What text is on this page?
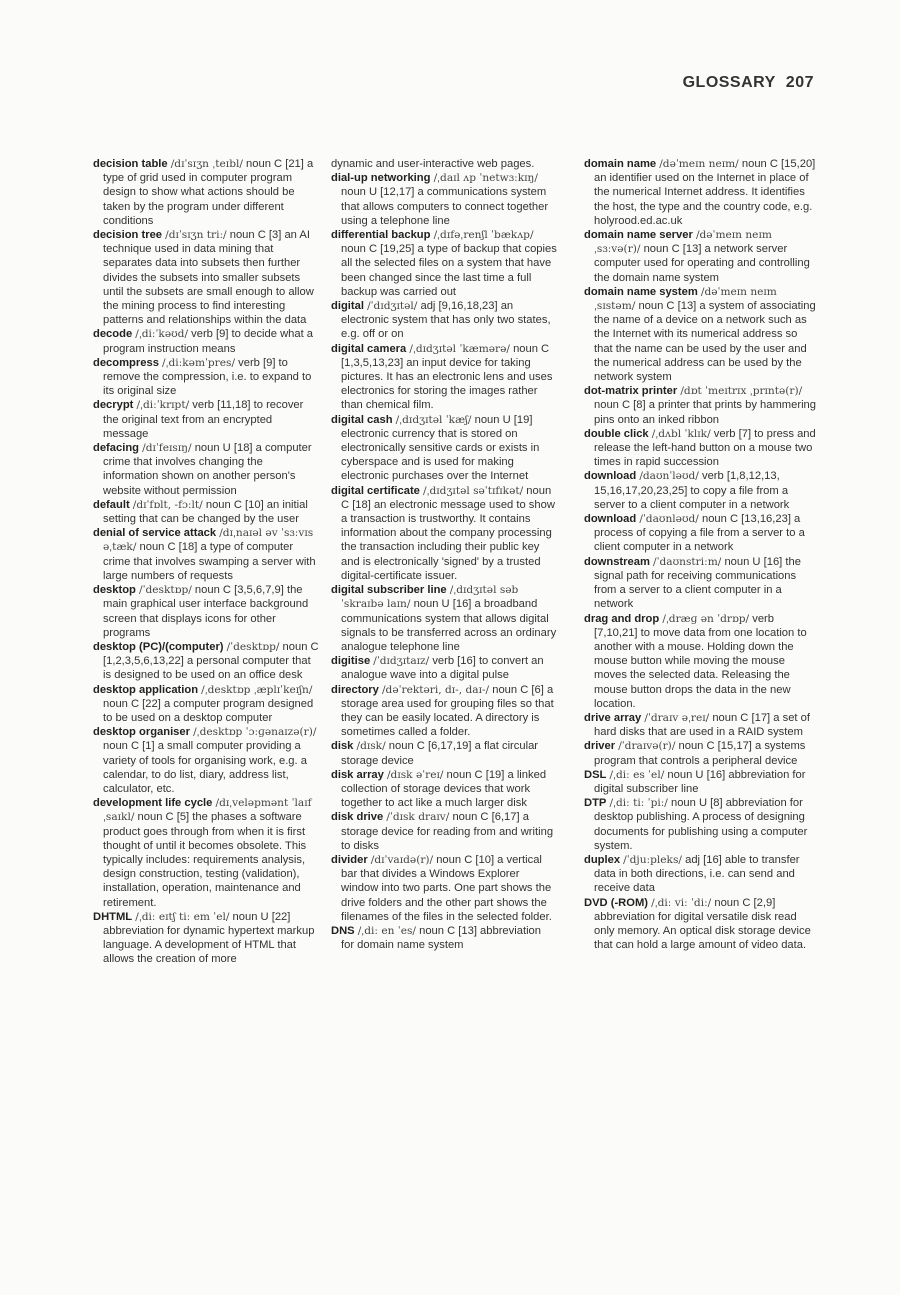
GLOSSARY 207
decision table /dɪˈsɪʒn ˌteɪbl/ noun C [21] a type of grid used in computer program design to show what actions should be taken by the program under different conditions
decision tree /dɪˈsɪʒn triː/ noun C [3] an AI technique used in data mining that separates data into subsets then further divides the subsets into smaller subsets until the subsets are small enough to allow the mining process to find interesting patterns and relationships within the data
decode /ˌdiːˈkəʊd/ verb [9] to decide what a program instruction means
decompress /ˌdiːkəmˈpres/ verb [9] to remove the compression, i.e. to expand to its original size
decrypt /ˌdiːˈkrɪpt/ verb [11,18] to recover the original text from an encrypted message
defacing /dɪˈfeɪsɪŋ/ noun U [18] a computer crime that involves changing the information shown on another person's website without permission
default /dɪˈfɒlt, -fɔːlt/ noun C [10] an initial setting that can be changed by the user
denial of service attack /dɪˌnaɪəl əv ˈsɜːvɪs əˌtæk/ noun C [18] a type of computer crime that involves swamping a server with large numbers of requests
desktop /ˈdesktɒp/ noun C [3,5,6,7,9] the main graphical user interface background screen that displays icons for other programs
desktop (PC)/(computer) /ˈdesktɒp/ noun C [1,2,3,5,6,13,22] a personal computer that is designed to be used on an office desk
desktop application /ˌdesktɒp ˌæplɪˈkeɪʃn/ noun C [22] a computer program designed to be used on a desktop computer
desktop organiser /ˌdesktɒp ˈɔːɡənaɪzə(r)/ noun C [1] a small computer providing a variety of tools for organising work, e.g. a calendar, to do list, diary, address list, calculator, etc.
development life cycle /dɪˌveləpmənt ˈlaɪf ˌsaɪkl/ noun C [5] the phases a software product goes through from when it is first thought of until it becomes obsolete. This typically includes: requirements analysis, design construction, testing (validation), installation, operation, maintenance and retirement.
DHTML /ˌdiː eɪtʃ tiː em ˈel/ noun U [22] abbreviation for dynamic hypertext markup language. A development of HTML that allows the creation of more
dynamic and user-interactive web pages.
dial-up networking /ˌdaɪl ʌp ˈnetwɜːkɪŋ/ noun U [12,17] a communications system that allows computers to connect together using a telephone line
differential backup /ˌdɪfəˌrenʃl ˈbækʌp/ noun C [19,25] a type of backup that copies all the selected files on a system that have been changed since the last time a full backup was carried out
digital /ˈdɪdʒɪtəl/ adj [9,16,18,23] an electronic system that has only two states, e.g. off or on
digital camera /ˌdɪdʒɪtəl ˈkæmərə/ noun C [1,3,5,13,23] an input device for taking pictures. It has an electronic lens and uses electronics for storing the images rather than chemical film.
digital cash /ˌdɪdʒɪtəl ˈkæʃ/ noun U [19] electronic currency that is stored on electronically sensitive cards or exists in cyberspace and is used for making electronic purchases over the Internet
digital certificate /ˌdɪdʒɪtəl səˈtɪfɪkət/ noun C [18] an electronic message used to show a transaction is trustworthy. It contains information about the company processing the transaction including their public key and is electronically 'signed' by a trusted digital-certificate issuer.
digital subscriber line /ˌdɪdʒɪtəl səbˈskraɪbə laɪn/ noun U [16] a broadband communications system that allows digital signals to be transferred across an ordinary analogue telephone line
digitise /ˈdɪdʒɪtaɪz/ verb [16] to convert an analogue wave into a digital pulse
directory /dəˈrektəri, dɪ-, daɪ-/ noun C [6] a storage area used for grouping files so that they can be easily located. A directory is sometimes called a folder.
disk /dɪsk/ noun C [6,17,19] a flat circular storage device
disk array /dɪsk əˈreɪ/ noun C [19] a linked collection of storage devices that work together to act like a much larger disk
disk drive /ˈdɪsk draɪv/ noun C [6,17] a storage device for reading from and writing to disks
divider /dɪˈvaɪdə(r)/ noun C [10] a vertical bar that divides a Windows Explorer window into two parts. One part shows the drive folders and the other part shows the filenames of the files in the selected folder.
DNS /ˌdiː en ˈes/ noun C [13] abbreviation for domain name system
domain name /dəˈmeɪn neɪm/ noun C [15,20] an identifier used on the Internet in place of the numerical Internet address. It identifies the host, the type and the country code, e.g. holyrood.ed.ac.uk
domain name server /dəˈmeɪn neɪm ˌsɜːvə(r)/ noun C [13] a network server computer used for operating and controlling the domain name system
domain name system /dəˈmeɪn neɪm ˌsɪstəm/ noun C [13] a system of associating the name of a device on a network such as the Internet with its numerical address so that the name can be used by the user and the numerical address can be used by the network system
dot-matrix printer /dɒt ˈmeɪtrɪx ˌprɪntə(r)/ noun C [8] a printer that prints by hammering pins onto an inked ribbon
double click /ˌdʌbl ˈklɪk/ verb [7] to press and release the left-hand button on a mouse two times in rapid succession
download /daʊnˈləʊd/ verb [1,8,12,13, 15,16,17,20,23,25] to copy a file from a server to a client computer in a network
download /ˈdaʊnləʊd/ noun C [13,16,23] a process of copying a file from a server to a client computer in a network
downstream /ˈdaʊnstriːm/ noun U [16] the signal path for receiving communications from a server to a client computer in a network
drag and drop /ˌdræɡ ən ˈdrɒp/ verb [7,10,21] to move data from one location to another with a mouse. Holding down the mouse button while moving the mouse moves the selected data. Releasing the mouse button drops the data in the new location.
drive array /ˈdraɪv əˌreɪ/ noun C [17] a set of hard disks that are used in a RAID system
driver /ˈdraɪvə(r)/ noun C [15,17] a systems program that controls a peripheral device
DSL /ˌdiː es ˈel/ noun U [16] abbreviation for digital subscriber line
DTP /ˌdiː tiː ˈpiː/ noun U [8] abbreviation for desktop publishing. A process of designing documents for publishing using a computer system.
duplex /ˈdjuːpleks/ adj [16] able to transfer data in both directions, i.e. can send and receive data
DVD (-ROM) /ˌdiː viː ˈdiː/ noun C [2,9] abbreviation for digital versatile disk read only memory. An optical disk storage device that can hold a large amount of video data.
